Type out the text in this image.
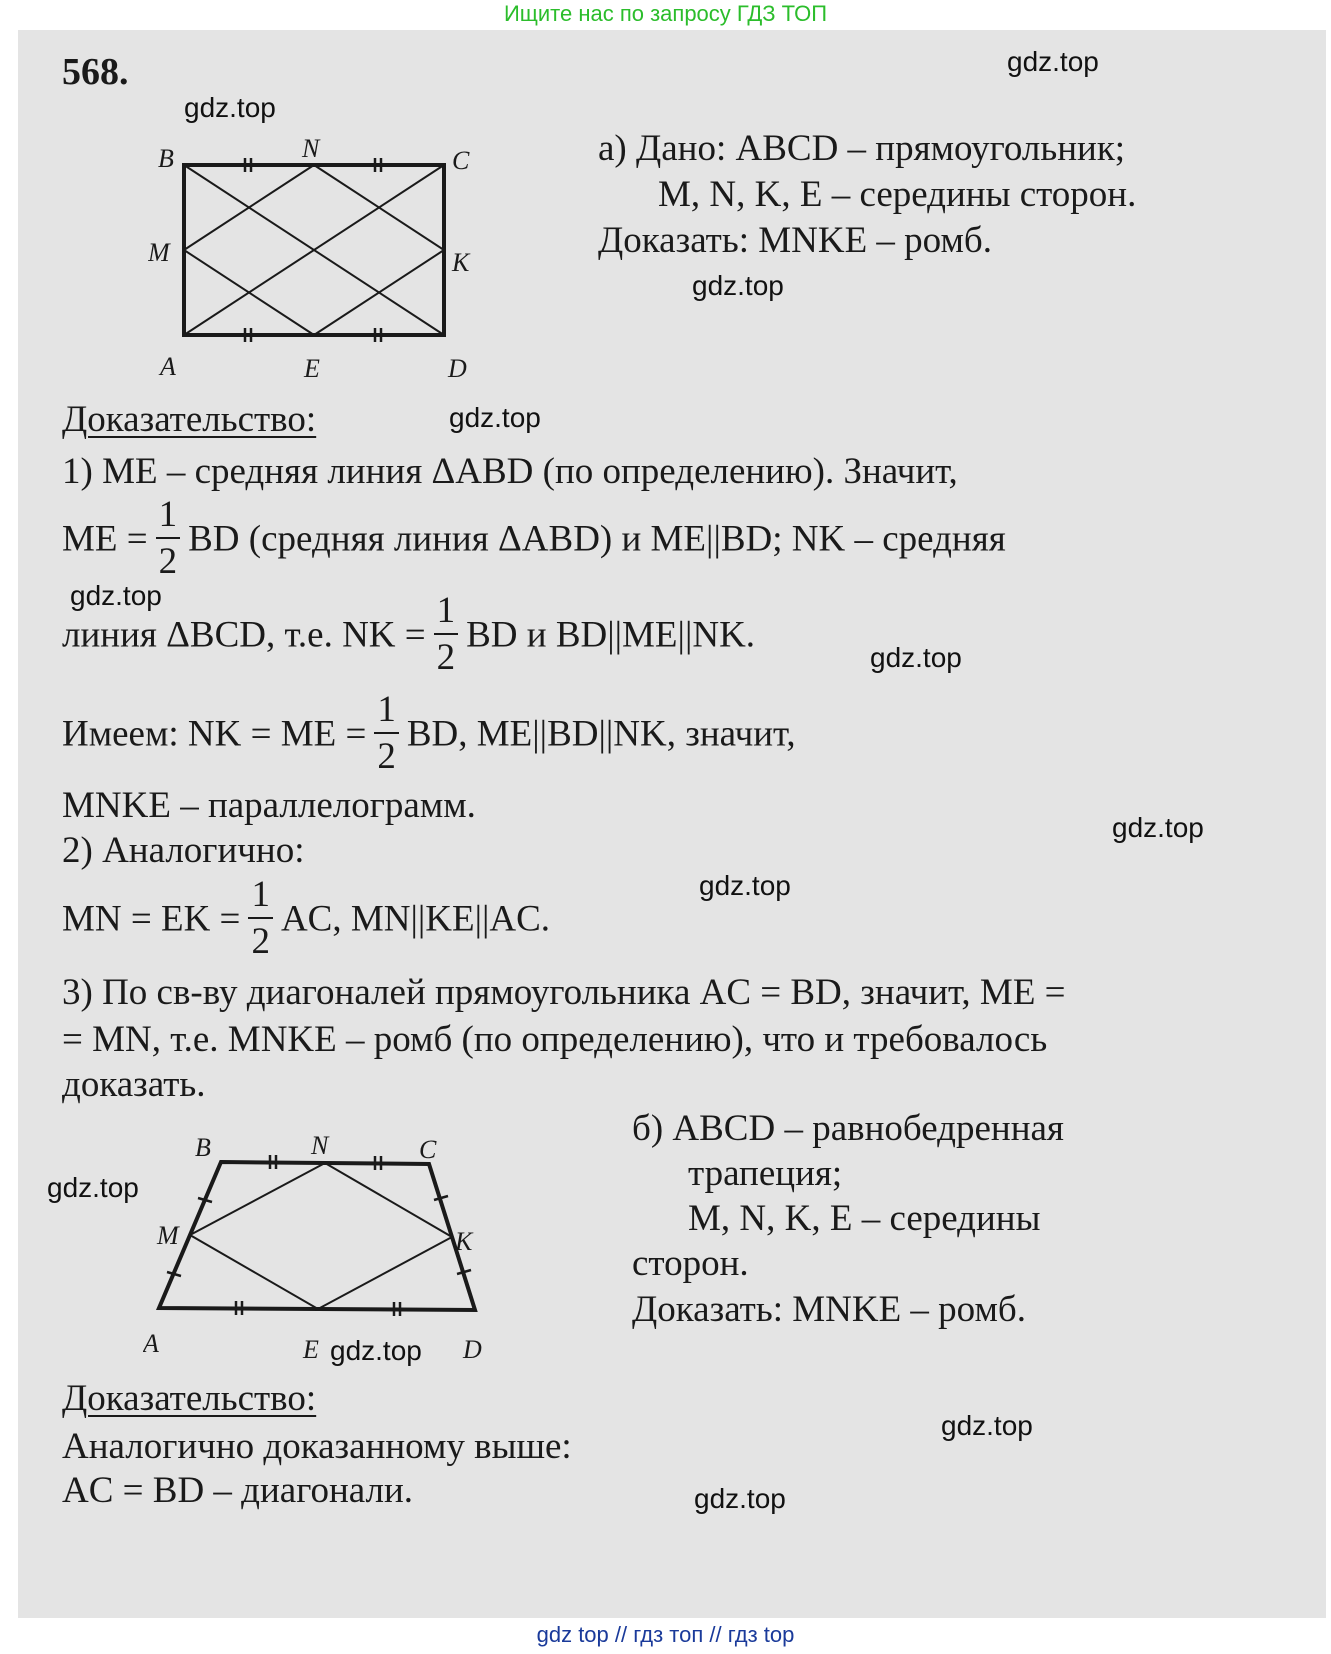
Ищите нас по запросу ГДЗ ТОП
568.
B	N	C
M	K
A	E	D
а) Дано: ABCD – прямоугольник;
M, N, K, E – середины сторон.
Доказать: MNKE – ромб.
Доказательство:
1) ME – средняя линия ΔABD (по определению). Значит,
ME = $\frac{1}{2}$ BD (средняя линия ΔABD) и ME||BD; NK – средняя
линия ΔBCD, т.е. NK = $\frac{1}{2}$ BD и BD||ME||NK.
Имеем: NK = ME = $\frac{1}{2}$ BD, ME||BD||NK, значит,
MNKE – параллелограмм.
2) Аналогично:
MN = EK = $\frac{1}{2}$ AC, MN||KE||AC.
3) По св-ву диагоналей прямоугольника AC = BD, значит, ME =
= MN, т.е. MNKE – ромб (по определению), что и требовалось
доказать.
B	N	C
M	K
A	E	D
б) ABCD – равнобедренная
трапеция;
M, N, K, E – середины
сторон.
Доказать: MNKE – ромб.
Доказательство:
Аналогично доказанному выше:
AC = BD – диагонали.
gdz.top
gdz.top
gdz.top
gdz.top
gdz.top
gdz.top
gdz.top
gdz.top
gdz.top
gdz.top
gdz.top
gdz.top
gdz top // гдз топ // гдз top
